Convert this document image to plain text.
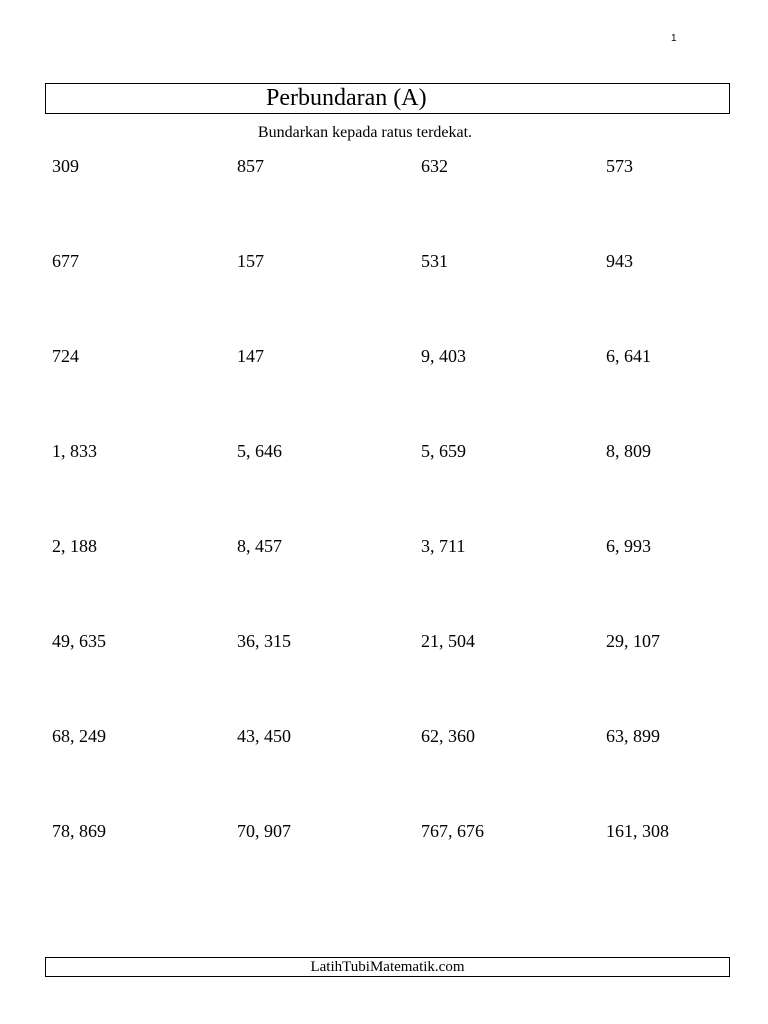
1
Perbundaran (A)
Bundarkan kepada ratus terdekat.
309	857	632	573
677	157	531	943
724	147	9, 403	6, 641
1, 833	5, 646	5, 659	8, 809
2, 188	8, 457	3, 711	6, 993
49, 635	36, 315	21, 504	29, 107
68, 249	43, 450	62, 360	63, 899
78, 869	70, 907	767, 676	161, 308
LatihTubiMatematik.com
